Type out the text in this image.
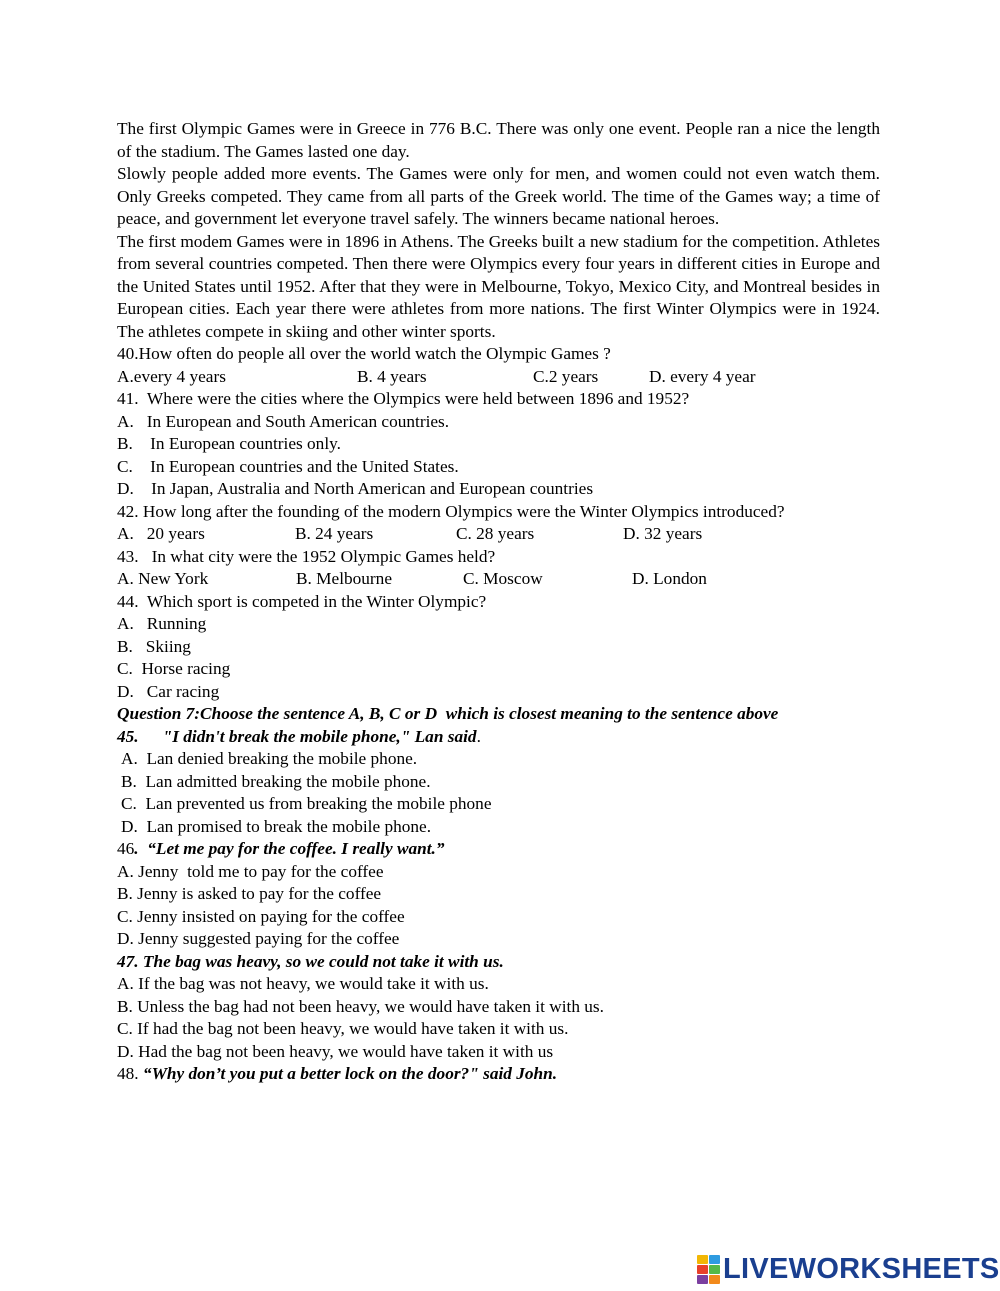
The first Olympic Games were in Greece in 776 B.C. There was only one event. People ran a nice the length of the stadium. The Games lasted one day.

Slowly people added more events. The Games were only for men, and women could not even watch them. Only Greeks competed. They came from all parts of the Greek world. The time of the Games way; a time of peace, and government let everyone travel safely. The winners became national heroes.

The first modem Games were in 1896 in Athens. The Greeks built a new stadium for the competition. Athletes from several countries competed. Then there were Olympics every four years in different cities in Europe and the United States until 1952. After that they were in Melbourne, Tokyo, Mexico City, and Montreal besides in European cities. Each year there were athletes from more nations. The first Winter Olympics were in 1924. The athletes compete in skiing and other winter sports.

40.How often do people all over the world watch the Olympic Games ?

A.every 4 years	B. 4 years	C.2 years	D. every 4 year

41.  Where were the cities where the Olympics were held between 1896 and 1952?

A.   In European and South American countries.

B.    In European countries only.

C.    In European countries and the United States.

D.    In Japan, Australia and North American and European countries

42. How long after the founding of the modern Olympics were the Winter Olympics introduced?

A.   20 years	B. 24 years	C. 28 years	D. 32 years

43.   In what city were the 1952 Olympic Games held?

A. New York	B. Melbourne	C. Moscow	D. London

44.  Which sport is competed in the Winter Olympic?

A.   Running

B.   Skiing

C.  Horse racing

D.   Car racing

Question 7:Choose the sentence A, B, C or D  which is closest meaning to the sentence above

45. "I didn't break the mobile phone," Lan said.

A.  Lan denied breaking the mobile phone.

B.  Lan admitted breaking the mobile phone.

C.  Lan prevented us from breaking the mobile phone

D.  Lan promised to break the mobile phone.

46.  “Let me pay for the coffee. I really want.”

A. Jenny  told me to pay for the coffee

B. Jenny is asked to pay for the coffee

C. Jenny insisted on paying for the coffee

D. Jenny suggested paying for the coffee

47. The bag was heavy, so we could not take it with us.

A. If the bag was not heavy, we would take it with us.

B. Unless the bag had not been heavy, we would have taken it with us.

C. If had the bag not been heavy, we would have taken it with us.

D. Had the bag not been heavy, we would have taken it with us

48. “Why don’t you put a better lock on the door?" said John.

LIVEWORKSHEETS
